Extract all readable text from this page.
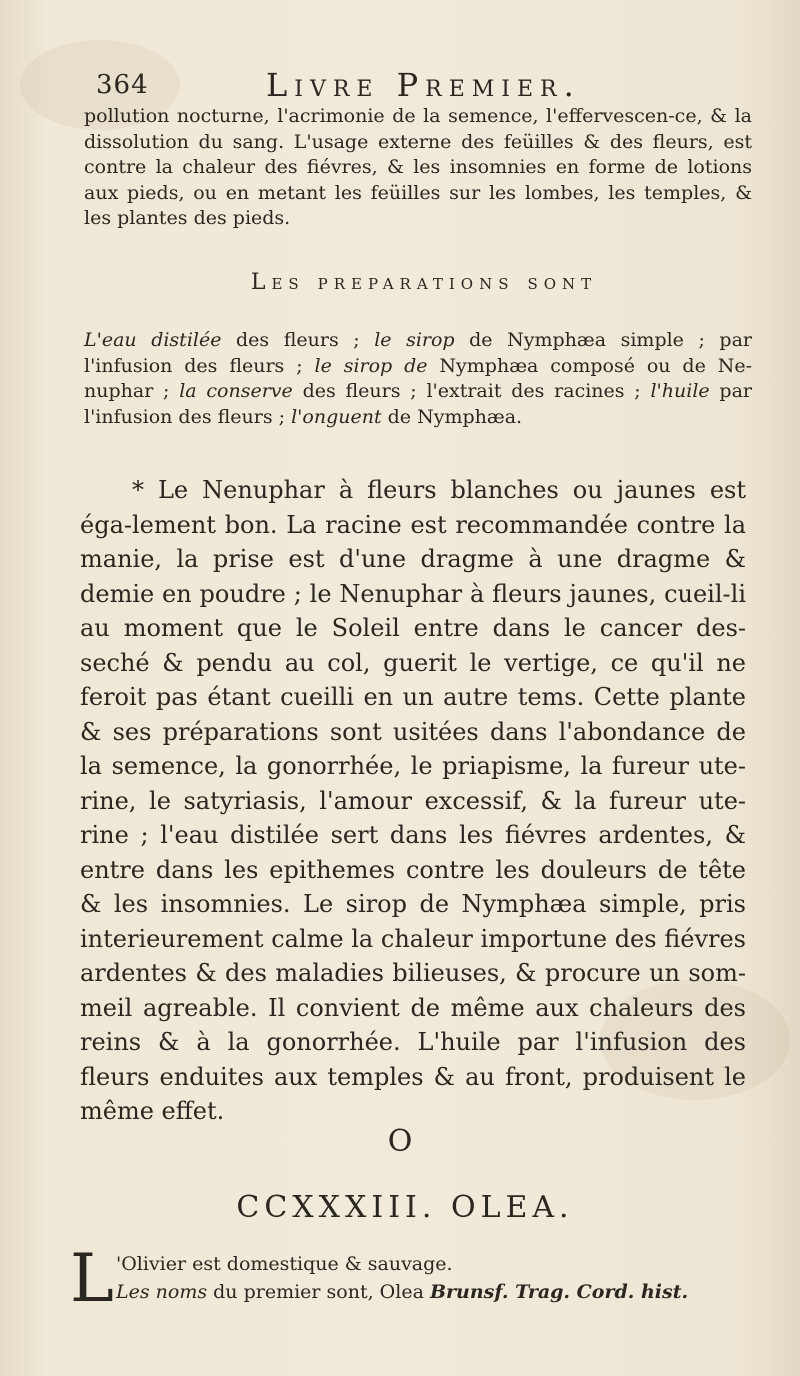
364	Livre Premier.

pollution nocturne, l'acrimonie de la semence, l'effervescen-ce, & la dissolution du sang. L'usage externe des feüilles & des fleurs, est contre la chaleur des fiévres, & les insomnies en forme de lotions aux pieds, ou en metant les feüilles sur les lombes, les temples, & les plantes des pieds.

Les preparations sont

L'eau distilée des fleurs ; le sirop de Nymphæa simple ; par l'infusion des fleurs ; le sirop de Nymphæa composé ou de Ne-nuphar ; la conserve des fleurs ; l'extrait des racines ; l'huile par l'infusion des fleurs ; l'onguent de Nymphæa.

* Le Nenuphar à fleurs blanches ou jaunes est éga-lement bon. La racine est recommandée contre la manie, la prise est d'une dragme à une dragme & demie en poudre ; le Nenuphar à fleurs jaunes, cueil-li au moment que le Soleil entre dans le cancer des-seché & pendu au col, guerit le vertige, ce qu'il ne feroit pas étant cueilli en un autre tems. Cette plante & ses préparations sont usitées dans l'abondance de la semence, la gonorrhée, le priapisme, la fureur ute-rine, le satyriasis, l'amour excessif, & la fureur ute-rine ; l'eau distilée sert dans les fiévres ardentes, & entre dans les epithemes contre les douleurs de tête & les insomnies. Le sirop de Nymphæa simple, pris interieurement calme la chaleur importune des fiévres ardentes & des maladies bilieuses, & procure un som-meil agreable. Il convient de même aux chaleurs des reins & à la gonorrhée. L'huile par l'infusion des fleurs enduites aux temples & au front, produisent le même effet.

O
CCXXXIII. OLEA.
L 'Olivier est domestique & sauvage.

Les noms du premier sont, Olea Brunsf. Trag. Cord. hist.
